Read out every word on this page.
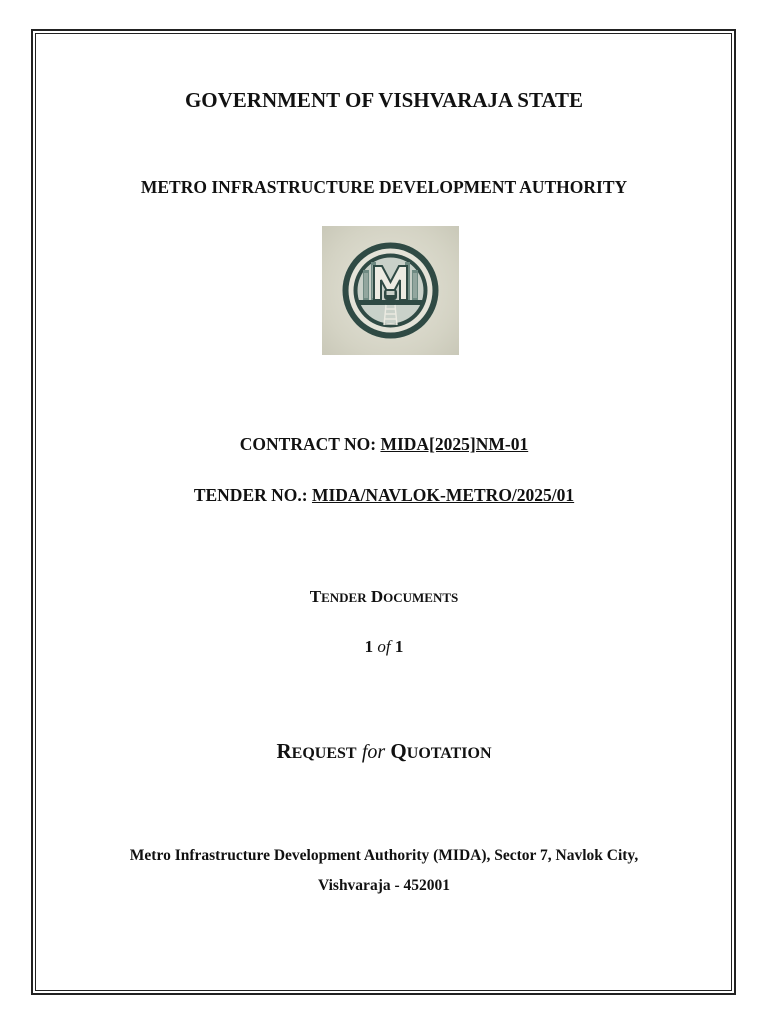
GOVERNMENT OF VISHVARAJA STATE
METRO INFRASTRUCTURE DEVELOPMENT AUTHORITY
CONTRACT NO: MIDA[2025]NM-01
TENDER NO.: MIDA/NAVLOK-METRO/2025/01
TENDER DOCUMENTS
1 of 1
REQUEST for QUOTATION
Metro Infrastructure Development Authority (MIDA), Sector 7, Navlok City,
Vishvaraja - 452001
